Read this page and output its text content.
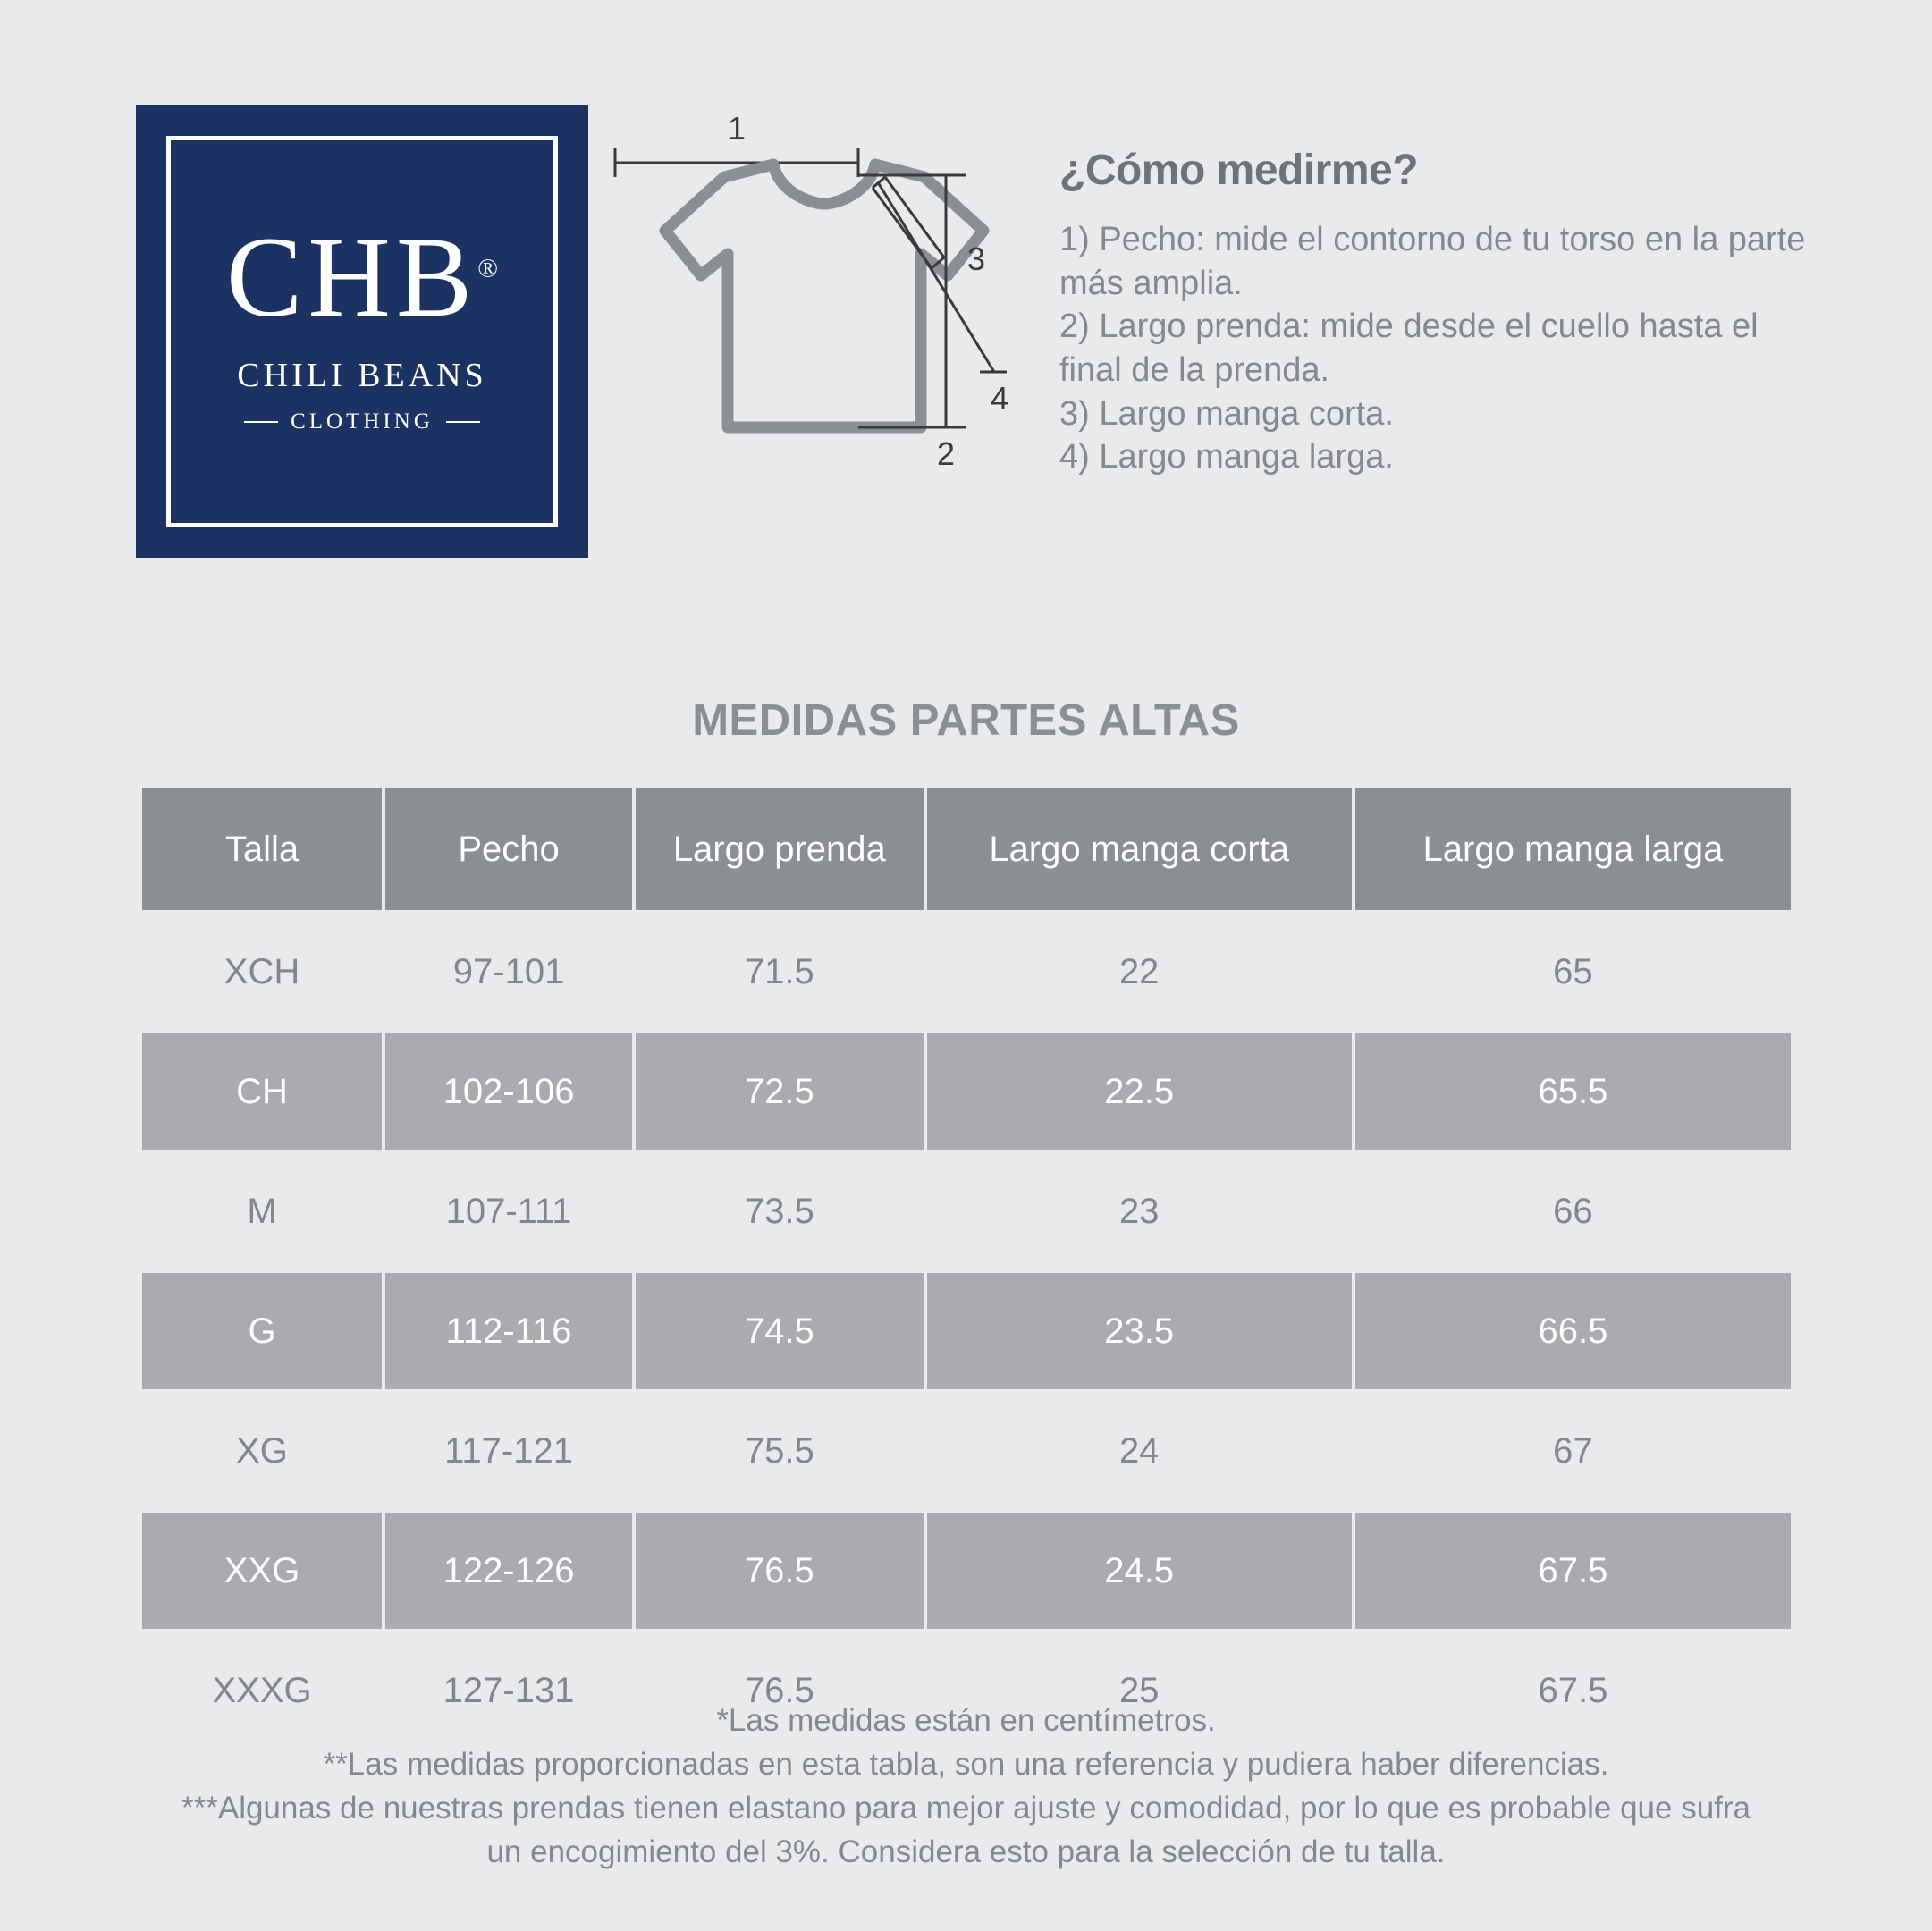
CHB®
CHILI BEANS
CLOTHING
1
2
3
4
¿Cómo medirme?
1) Pecho: mide el contorno de tu torso en la parte más amplia.
2) Largo prenda: mide desde el cuello hasta el final de la prenda.
3) Largo manga corta.
4) Largo manga larga.
MEDIDAS PARTES ALTAS
Talla	Pecho	Largo prenda	Largo manga corta	Largo manga larga
XCH	97-101	71.5	22	65
CH	102-106	72.5	22.5	65.5
M	107-111	73.5	23	66
G	112-116	74.5	23.5	66.5
XG	117-121	75.5	24	67
XXG	122-126	76.5	24.5	67.5
XXXG	127-131	76.5	25	67.5
*Las medidas están en centímetros.
**Las medidas proporcionadas en esta tabla, son una referencia y pudiera haber diferencias.
***Algunas de nuestras prendas tienen elastano para mejor ajuste y comodidad, por lo que es probable que sufra
un encogimiento del 3%. Considera esto para la selección de tu talla.
